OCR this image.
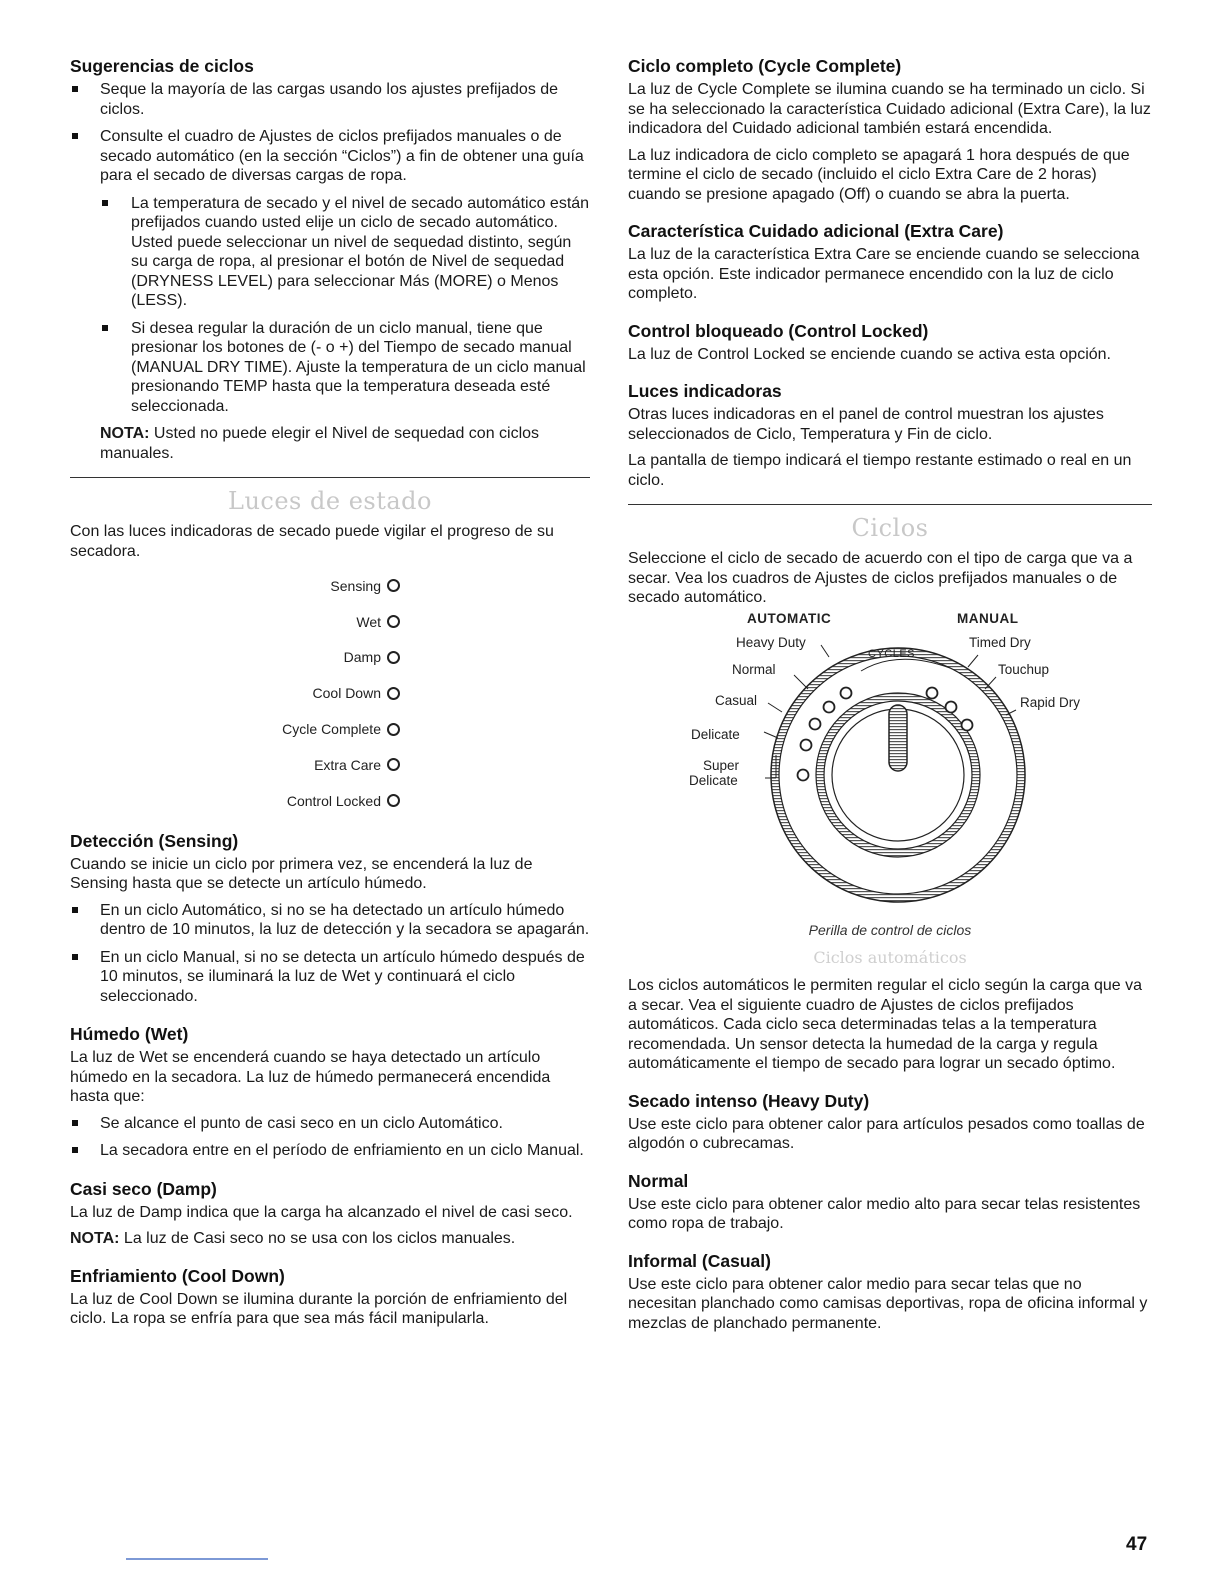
Sugerencias de ciclos
Seque la mayoría de las cargas usando los ajustes prefijados de ciclos.
Consulte el cuadro de Ajustes de ciclos prefijados manuales o de secado automático (en la sección “Ciclos”) a fin de obtener una guía para el secado de diversas cargas de ropa.
La temperatura de secado y el nivel de secado automático están prefijados cuando usted elije un ciclo de secado automático. Usted puede seleccionar un nivel de sequedad distinto, según su carga de ropa, al presionar el botón de Nivel de sequedad (DRYNESS LEVEL) para seleccionar Más (MORE) o Menos (LESS).
Si desea regular la duración de un ciclo manual, tiene que presionar los botones de (- o +) del Tiempo de secado manual (MANUAL DRY TIME). Ajuste la temperatura de un ciclo manual presionando TEMP hasta que la temperatura deseada esté seleccionada.

NOTA: Usted no puede elegir el Nivel de sequedad con ciclos manuales.

Luces de estado

Con las luces indicadoras de secado puede vigilar el progreso de su secadora.

Sensing
Wet
Damp
Cool Down
Cycle Complete
Extra Care
Control Locked
Detección (Sensing)

Cuando se inicie un ciclo por primera vez, se encenderá la luz de Sensing hasta que se detecte un artículo húmedo.

En un ciclo Automático, si no se ha detectado un artículo húmedo dentro de 10 minutos, la luz de detección y la secadora se apagarán.
En un ciclo Manual, si no se detecta un artículo húmedo después de 10 minutos, se iluminará la luz de Wet y continuará el ciclo seleccionado.
Húmedo (Wet)

La luz de Wet se encenderá cuando se haya detectado un artículo húmedo en la secadora. La luz de húmedo permanecerá encendida hasta que:

Se alcance el punto de casi seco en un ciclo Automático.
La secadora entre en el período de enfriamiento en un ciclo Manual.
Casi seco (Damp)

La luz de Damp indica que la carga ha alcanzado el nivel de casi seco.

NOTA: La luz de Casi seco no se usa con los ciclos manuales.

Enfriamiento (Cool Down)

La luz de Cool Down se ilumina durante la porción de enfriamiento del ciclo. La ropa se enfría para que sea más fácil manipularla.

Ciclo completo (Cycle Complete)

La luz de Cycle Complete se ilumina cuando se ha terminado un ciclo. Si se ha seleccionado la característica Cuidado adicional (Extra Care), la luz indicadora del Cuidado adicional también estará encendida.

La luz indicadora de ciclo completo se apagará 1 hora después de que termine el ciclo de secado (incluido el ciclo Extra Care de 2 horas) cuando se presione apagado (Off) o cuando se abra la puerta.

Característica Cuidado adicional (Extra Care)

La luz de la característica Extra Care se enciende cuando se selecciona esta opción. Este indicador permanece encendido con la luz de ciclo completo.

Control bloqueado (Control Locked)

La luz de Control Locked se enciende cuando se activa esta opción.

Luces indicadoras

Otras luces indicadoras en el panel de control muestran los ajustes seleccionados de Ciclo, Temperatura y Fin de ciclo.

La pantalla de tiempo indicará el tiempo restante estimado o real en un ciclo.

Ciclos

Seleccione el ciclo de secado de acuerdo con el tipo de carga que va a secar. Vea los cuadros de Ajustes de ciclos prefijados manuales o de secado automático.

AUTOMATIC	MANUAL
CYCLES
Heavy Duty
Normal
Casual
Delicate
Super
Delicate
Timed Dry
Touchup
Rapid Dry

Perilla de control de ciclos

Ciclos automáticos

Los ciclos automáticos le permiten regular el ciclo según la carga que va a secar. Vea el siguiente cuadro de Ajustes de ciclos prefijados automáticos. Cada ciclo seca determinadas telas a la temperatura recomendada. Un sensor detecta la humedad de la carga y regula automáticamente el tiempo de secado para lograr un secado óptimo.

Secado intenso (Heavy Duty)

Use este ciclo para obtener calor para artículos pesados como toallas de algodón o cubrecamas.

Normal

Use este ciclo para obtener calor medio alto para secar telas resistentes como ropa de trabajo.

Informal (Casual)

Use este ciclo para obtener calor medio para secar telas que no necesitan planchado como camisas deportivas, ropa de oficina informal y mezclas de planchado permanente.

47
